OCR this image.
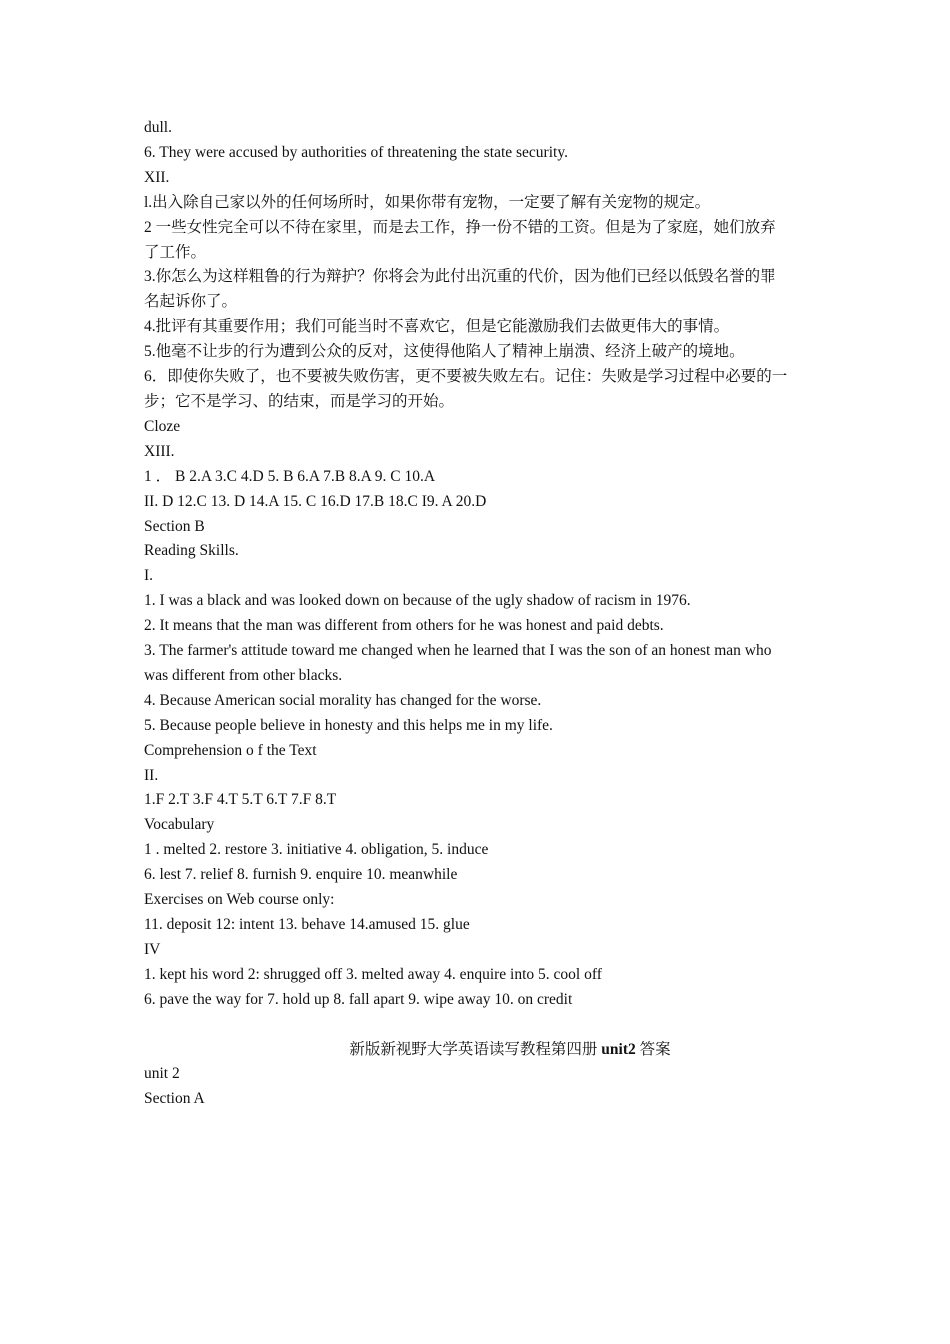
dull.
6. They were accused by authorities of threatening the state security.
XII.
l.出入除自己家以外的任何场所时，如果你带有宠物，一定要了解有关宠物的规定。
2 一些女性完全可以不待在家里，而是去工作，挣一份不错的工资。但是为了家庭，她们放弃
了工作。
3.你怎么为这样粗鲁的行为辩护？你将会为此付出沉重的代价，因为他们已经以低毁名誉的罪
名起诉你了。
4.批评有其重要作用；我们可能当时不喜欢它，但是它能激励我们去做更伟大的事情。
5.他毫不让步的行为遭到公众的反对，这使得他陷人了精神上崩溃、经济上破产的境地。
6．即使你失败了，也不要被失败伤害，更不要被失败左右。记住：失败是学习过程中必要的一
步；它不是学习、的结束，而是学习的开始。
Cloze
XIII.
1 ． B 2.A 3.C 4.D 5. B 6.A 7.B 8.A 9. C 10.A
II. D 12.C 13. D 14.A 15. C 16.D 17.B 18.C I9. A 20.D
Section B
Reading Skills.
I.
1. I was a black and was looked down on because of the ugly shadow of racism in 1976.
2. It means that the man was different from others for he was honest and paid debts.
3. The farmer's attitude toward me changed when he learned that I was the son of an honest man who
was different from other blacks.
4. Because American social morality has changed for the worse.
5. Because people believe in honesty and this helps me in my life.
Comprehension o f the Text
II.
1.F 2.T 3.F 4.T 5.T 6.T 7.F 8.T
Vocabulary
1 . melted 2. restore 3. initiative 4. obligation, 5. induce
6. lest 7. relief 8. furnish 9. enquire 10. meanwhile
Exercises on Web course only:
11. deposit 12: intent 13. behave 14.amused 15. glue
IV
1. kept his word 2: shrugged off 3. melted away 4. enquire into 5. cool off
6. pave the way for 7. hold up 8. fall apart 9. wipe away 10. on credit
新版新视野大学英语读写教程第四册 unit2 答案
unit 2
Section A
